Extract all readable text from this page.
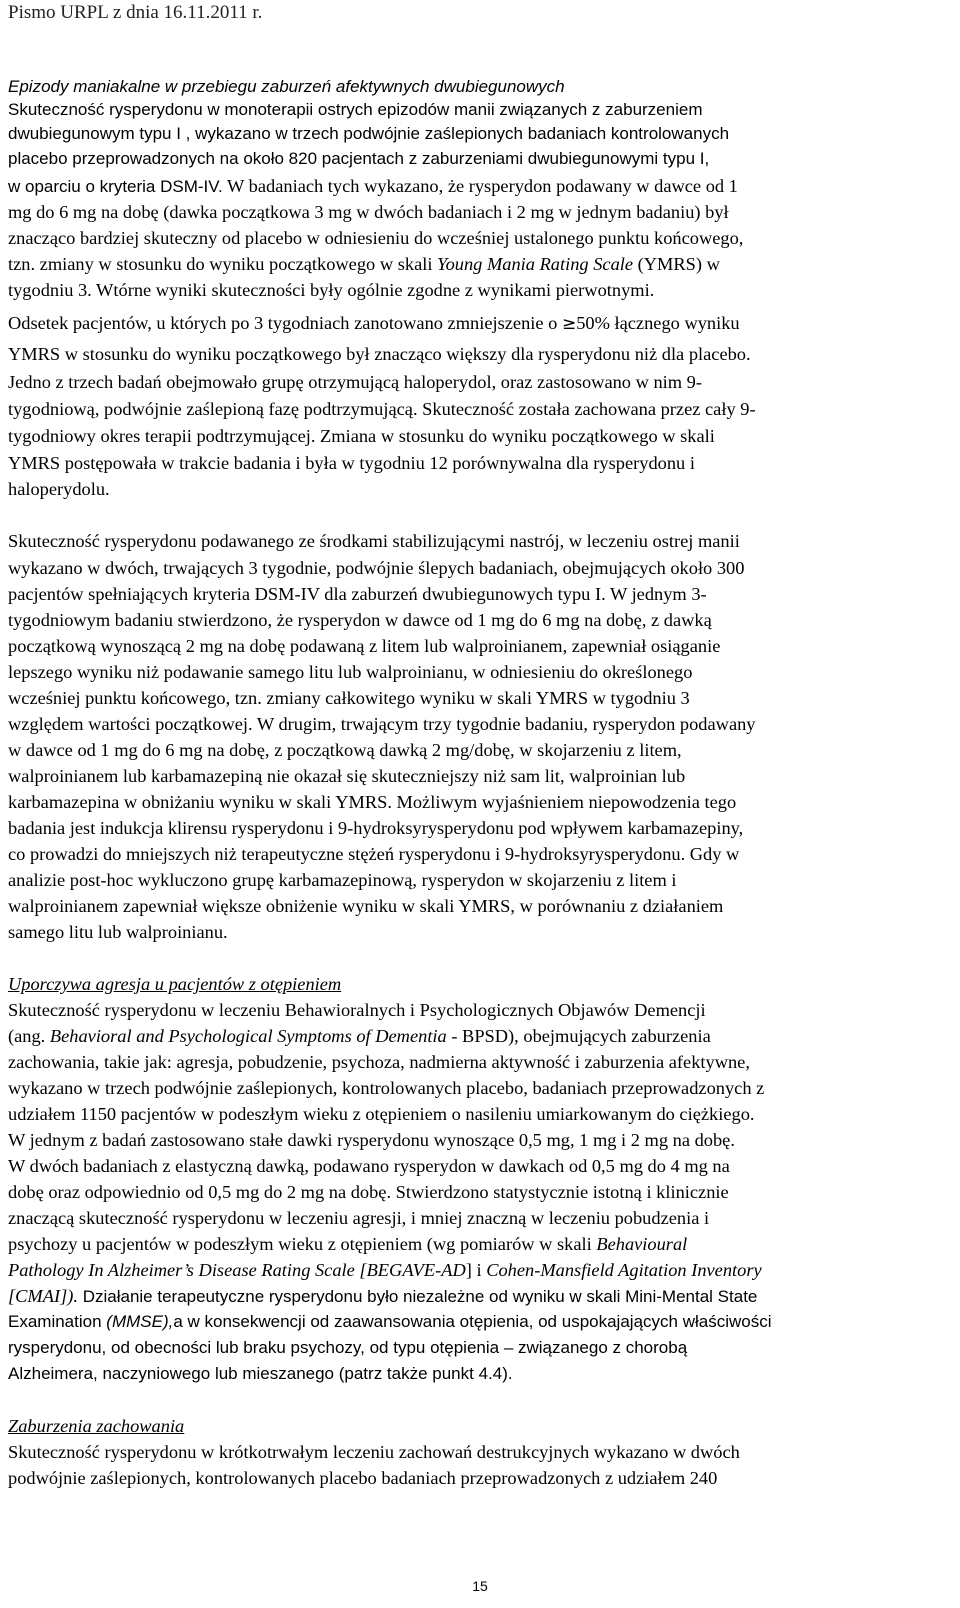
Pismo URPL z dnia 16.11.2011 r.
Epizody maniakalne w przebiegu zaburzeń afektywnych dwubiegunowych
Skuteczność rysperydonu w monoterapii ostrych epizodów manii związanych z zaburzeniem
dwubiegunowym typu I , wykazano w trzech podwójnie zaślepionych badaniach kontrolowanych
placebo przeprowadzonych na około 820 pacjentach z zaburzeniami dwubiegunowymi typu I,
w oparciu o kryteria DSM-IV. W badaniach tych wykazano, że rysperydon podawany w dawce od 1
mg do 6 mg na dobę (dawka początkowa 3 mg w dwóch badaniach i 2 mg w jednym badaniu) był
znacząco bardziej skuteczny od placebo w odniesieniu do wcześniej ustalonego punktu końcowego,
tzn. zmiany w stosunku do wyniku początkowego w skali Young Mania Rating Scale (YMRS) w
tygodniu 3. Wtórne wyniki skuteczności były ogólnie zgodne z wynikami pierwotnymi.
Odsetek pacjentów, u których po 3 tygodniach zanotowano zmniejszenie o ≥50% łącznego wyniku
YMRS w stosunku do wyniku początkowego był znacząco większy dla rysperydonu niż dla placebo.
Jedno z trzech badań obejmowało grupę otrzymującą haloperydol, oraz zastosowano w nim 9-
tygodniową, podwójnie zaślepioną fazę podtrzymującą. Skuteczność została zachowana przez cały 9-
tygodniowy okres terapii podtrzymującej. Zmiana w stosunku do wyniku początkowego w skali
YMRS postępowała w trakcie badania i była w tygodniu 12 porównywalna dla rysperydonu i
haloperydolu.
Skuteczność rysperydonu podawanego ze środkami stabilizującymi nastrój, w leczeniu ostrej manii
wykazano w dwóch, trwających 3 tygodnie, podwójnie ślepych badaniach, obejmujących około 300
pacjentów spełniających kryteria DSM-IV dla zaburzeń dwubiegunowych typu I. W jednym 3-
tygodniowym badaniu stwierdzono, że rysperydon w dawce od 1 mg do 6 mg na dobę, z dawką
początkową wynoszącą 2 mg na dobę podawaną z litem lub walproinianem, zapewniał osiąganie
lepszego wyniku niż podawanie samego litu lub walproinianu, w odniesieniu do określonego
wcześniej punktu końcowego, tzn. zmiany całkowitego wyniku w skali YMRS w tygodniu 3
względem wartości początkowej. W drugim, trwającym trzy tygodnie badaniu, rysperydon podawany
w dawce od 1 mg do 6 mg na dobę, z początkową dawką 2 mg/dobę, w skojarzeniu z litem,
walproinianem lub karbamazepiną nie okazał się skuteczniejszy niż sam lit, walproinian lub
karbamazepina w obniżaniu wyniku w skali YMRS. Możliwym wyjaśnieniem niepowodzenia tego
badania jest indukcja klirensu rysperydonu i 9-hydroksyrysperydonu pod wpływem karbamazepiny,
co prowadzi do mniejszych niż terapeutyczne stężeń rysperydonu i 9-hydroksyrysperydonu. Gdy w
analizie post-hoc wykluczono grupę karbamazepinową, rysperydon w skojarzeniu z litem i
walproinianem zapewniał większe obniżenie wyniku w skali YMRS, w porównaniu z działaniem
samego litu lub walproinianu.
Uporczywa agresja u pacjentów z otępieniem
Skuteczność rysperydonu w leczeniu Behawioralnych i Psychologicznych Objawów Demencji
(ang. Behavioral and Psychological Symptoms of Dementia - BPSD), obejmujących zaburzenia
zachowania, takie jak: agresja, pobudzenie, psychoza, nadmierna aktywność i zaburzenia afektywne,
wykazano w trzech podwójnie zaślepionych, kontrolowanych placebo, badaniach przeprowadzonych z
udziałem 1150 pacjentów w podeszłym wieku z otępieniem o nasileniu umiarkowanym do ciężkiego.
W jednym z badań zastosowano stałe dawki rysperydonu wynoszące 0,5 mg, 1 mg i 2 mg na dobę.
W dwóch badaniach z elastyczną dawką, podawano rysperydon w dawkach od 0,5 mg do 4 mg na
dobę oraz odpowiednio od 0,5 mg do 2 mg na dobę. Stwierdzono statystycznie istotną i klinicznie
znaczącą skuteczność rysperydonu w leczeniu agresji, i mniej znaczną w leczeniu pobudzenia i
psychozy u pacjentów w podeszłym wieku z otępieniem (wg pomiarów w skali Behavioural
Pathology In Alzheimer’s Disease Rating Scale [BEGAVE-AD] i Cohen-Mansfield Agitation Inventory
[CMAI]). Działanie terapeutyczne rysperydonu było niezależne od wyniku w skali Mini-Mental State
Examination (MMSE),a w konsekwencji od zaawansowania otępienia, od uspokajających właściwości
rysperydonu, od obecności lub braku psychozy, od typu otępienia – związanego z chorobą
Alzheimera, naczyniowego lub mieszanego (patrz także punkt 4.4).
Zaburzenia zachowania
Skuteczność rysperydonu w krótkotrwałym leczeniu zachowań destrukcyjnych wykazano w dwóch
podwójnie zaślepionych, kontrolowanych placebo badaniach przeprowadzonych z udziałem 240
15
